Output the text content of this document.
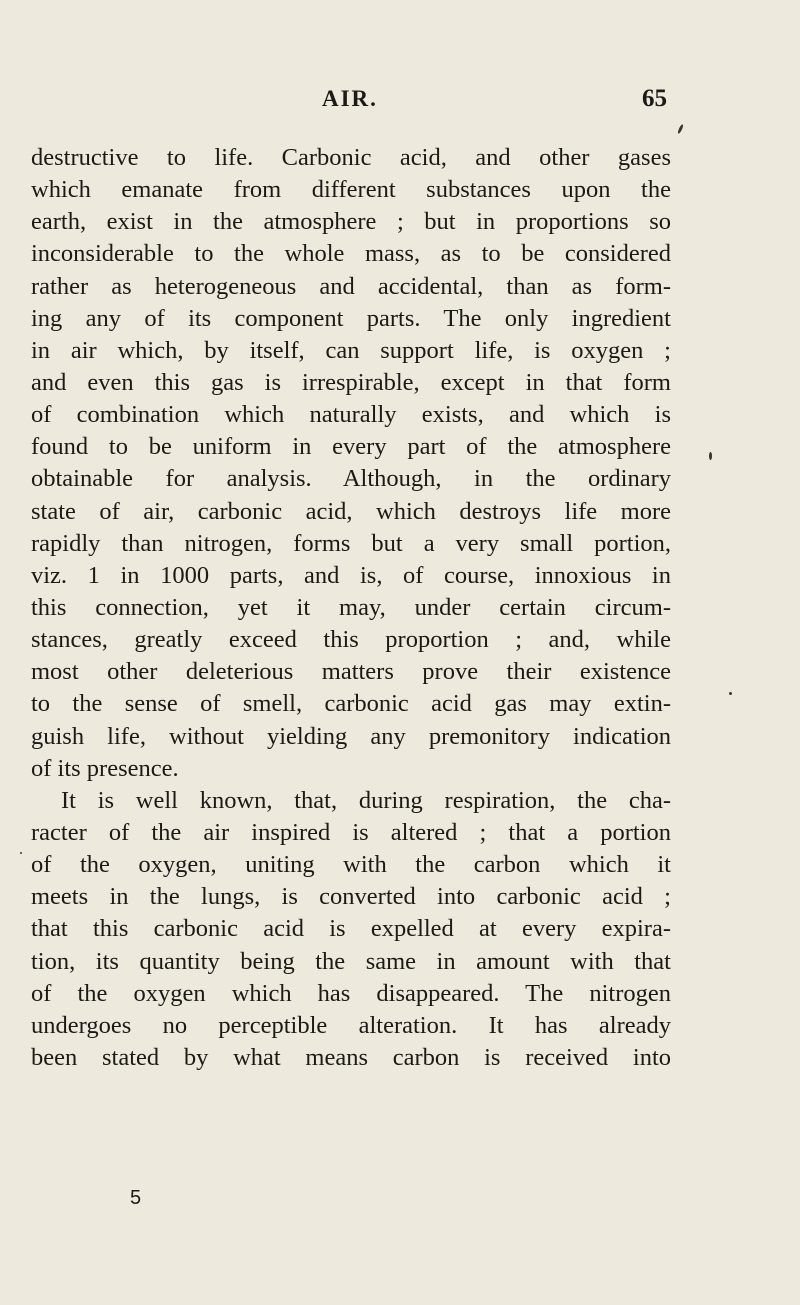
AIR.	65
destructive to life. Carbonic acid, and other gases
which emanate from different substances upon the
earth, exist in the atmosphere ; but in proportions so
inconsiderable to the whole mass, as to be considered
rather as heterogeneous and accidental, than as form-
ing any of its component parts. The only ingredient
in air which, by itself, can support life, is oxygen ;
and even this gas is irrespirable, except in that form
of combination which naturally exists, and which is
found to be uniform in every part of the atmosphere
obtainable for analysis. Although, in the ordinary
state of air, carbonic acid, which destroys life more
rapidly than nitrogen, forms but a very small portion,
viz. 1 in 1000 parts, and is, of course, innoxious in
this connection, yet it may, under certain circum-
stances, greatly exceed this proportion ; and, while
most other deleterious matters prove their existence
to the sense of smell, carbonic acid gas may extin-
guish life, without yielding any premonitory indication
of its presence.
It is well known, that, during respiration, the cha-
racter of the air inspired is altered ; that a portion
of the oxygen, uniting with the carbon which it
meets in the lungs, is converted into carbonic acid ;
that this carbonic acid is expelled at every expira-
tion, its quantity being the same in amount with that
of the oxygen which has disappeared. The nitrogen
undergoes no perceptible alteration. It has already
been stated by what means carbon is received into
5
